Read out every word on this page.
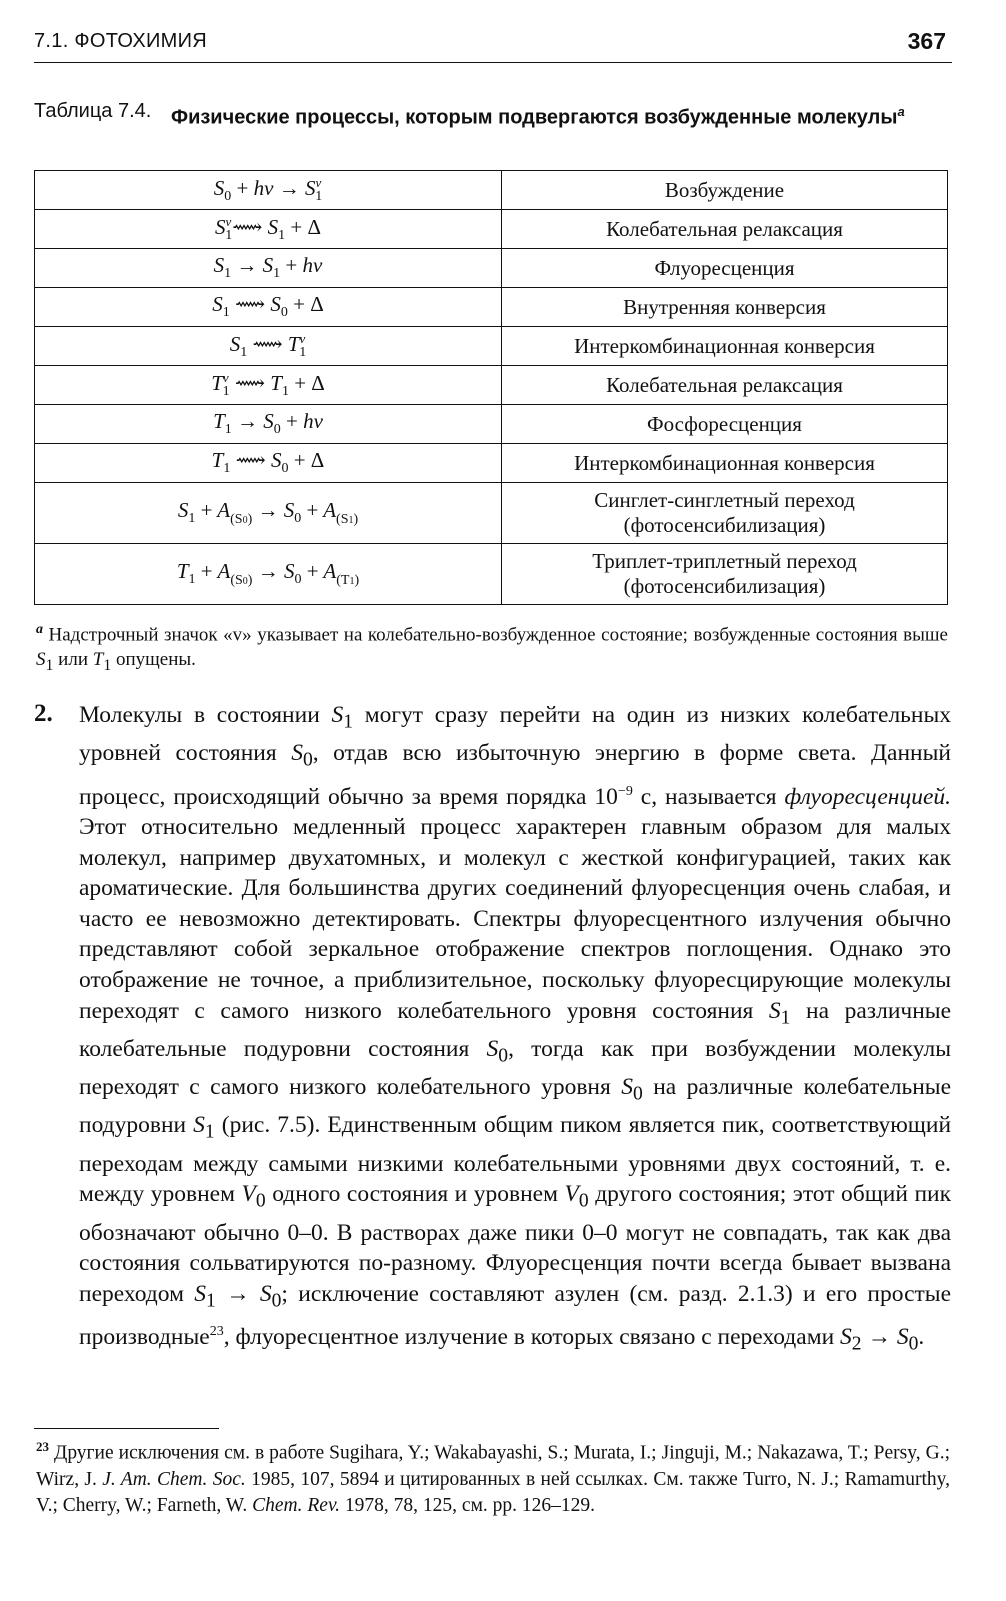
7.1. ФОТОХИМИЯ	367
Таблица 7.4. Физические процессы, которым подвергаются возбужденные молекулы$^a$
$S_0 + h\nu \to S^v_1$	Возбуждение
$S^v_1⟿$ $S_1 + \Delta$	Колебательная релаксация
$S_1 \to S_1 + h\nu$	Флуоресценция
$S_1$ ⟿ $S_0 + \Delta$	Внутренняя конверсия
$S_1$ ⟿ $T^v_1$	Интеркомбинационная конверсия
$T^v_1$ ⟿ $T_1 + \Delta$	Колебательная релаксация
$T_1 \to S_0 + h\nu$	Фосфоресценция
$T_1$ ⟿ $S_0 + \Delta$	Интеркомбинационная конверсия
$S_1 + A_{(S0)} \to S_0 + A_{(S1)}$	Синглет-синглетный переход
(фотосенсибилизация)
$T_1 + A_{(S0)} \to S_0 + A_{(T1)}$	Триплет-триплетный переход
(фотосенсибилизация)
$^a$ Надстрочный значок «v» указывает на колебательно-возбужденное состояние; возбужденные состояния выше $S_1$ или $T_1$ опущены.
2. Молекулы в состоянии $S_1$ могут сразу перейти на один из низких колебательных уровней состояния $S_0$, отдав всю избыточную энергию в форме света. Данный процесс, происходящий обычно за время порядка $10^{-9}$ с, называется флуоресценцией. Этот относительно медленный процесс характерен главным образом для малых молекул, например двухатомных, и молекул с жесткой конфигурацией, таких как ароматические. Для большинства других соединений флуоресценция очень слабая, и часто ее невозможно детектировать. Спектры флуоресцентного излучения обычно представляют собой зеркальное отображение спектров поглощения. Однако это отображение не точное, а приблизительное, поскольку флуоресцирующие молекулы переходят с самого низкого колебательного уровня состояния $S_1$ на различные колебательные подуровни состояния $S_0$, тогда как при возбуждении молекулы переходят с самого низкого колебательного уровня $S_0$ на различные колебательные подуровни $S_1$ (рис. 7.5). Единственным общим пиком является пик, соответствующий переходам между самыми низкими колебательными уровнями двух состояний, т. е. между уровнем $V_0$ одного состояния и уровнем $V_0$ другого состояния; этот общий пик обозначают обычно 0–0. В растворах даже пики 0–0 могут не совпадать, так как два состояния сольватируются по-разному. Флуоресценция почти всегда бывает вызвана переходом $S_1 \to S_0$; исключение составляют азулен (см. разд. 2.1.3) и его простые производные$^{23}$, флуоресцентное излучение в которых связано с переходами $S_2 \to S_0$.
$^{23}$ Другие исключения см. в работе Sugihara, Y.; Wakabayashi, S.; Murata, I.; Jinguji, M.; Nakazawa, T.; Persy, G.; Wirz, J. J. Am. Chem. Soc. 1985, 107, 5894 и цитированных в ней ссылках. См. также Turro, N. J.; Ramamurthy, V.; Cherry, W.; Farneth, W. Chem. Rev. 1978, 78, 125, см. pp. 126–129.
